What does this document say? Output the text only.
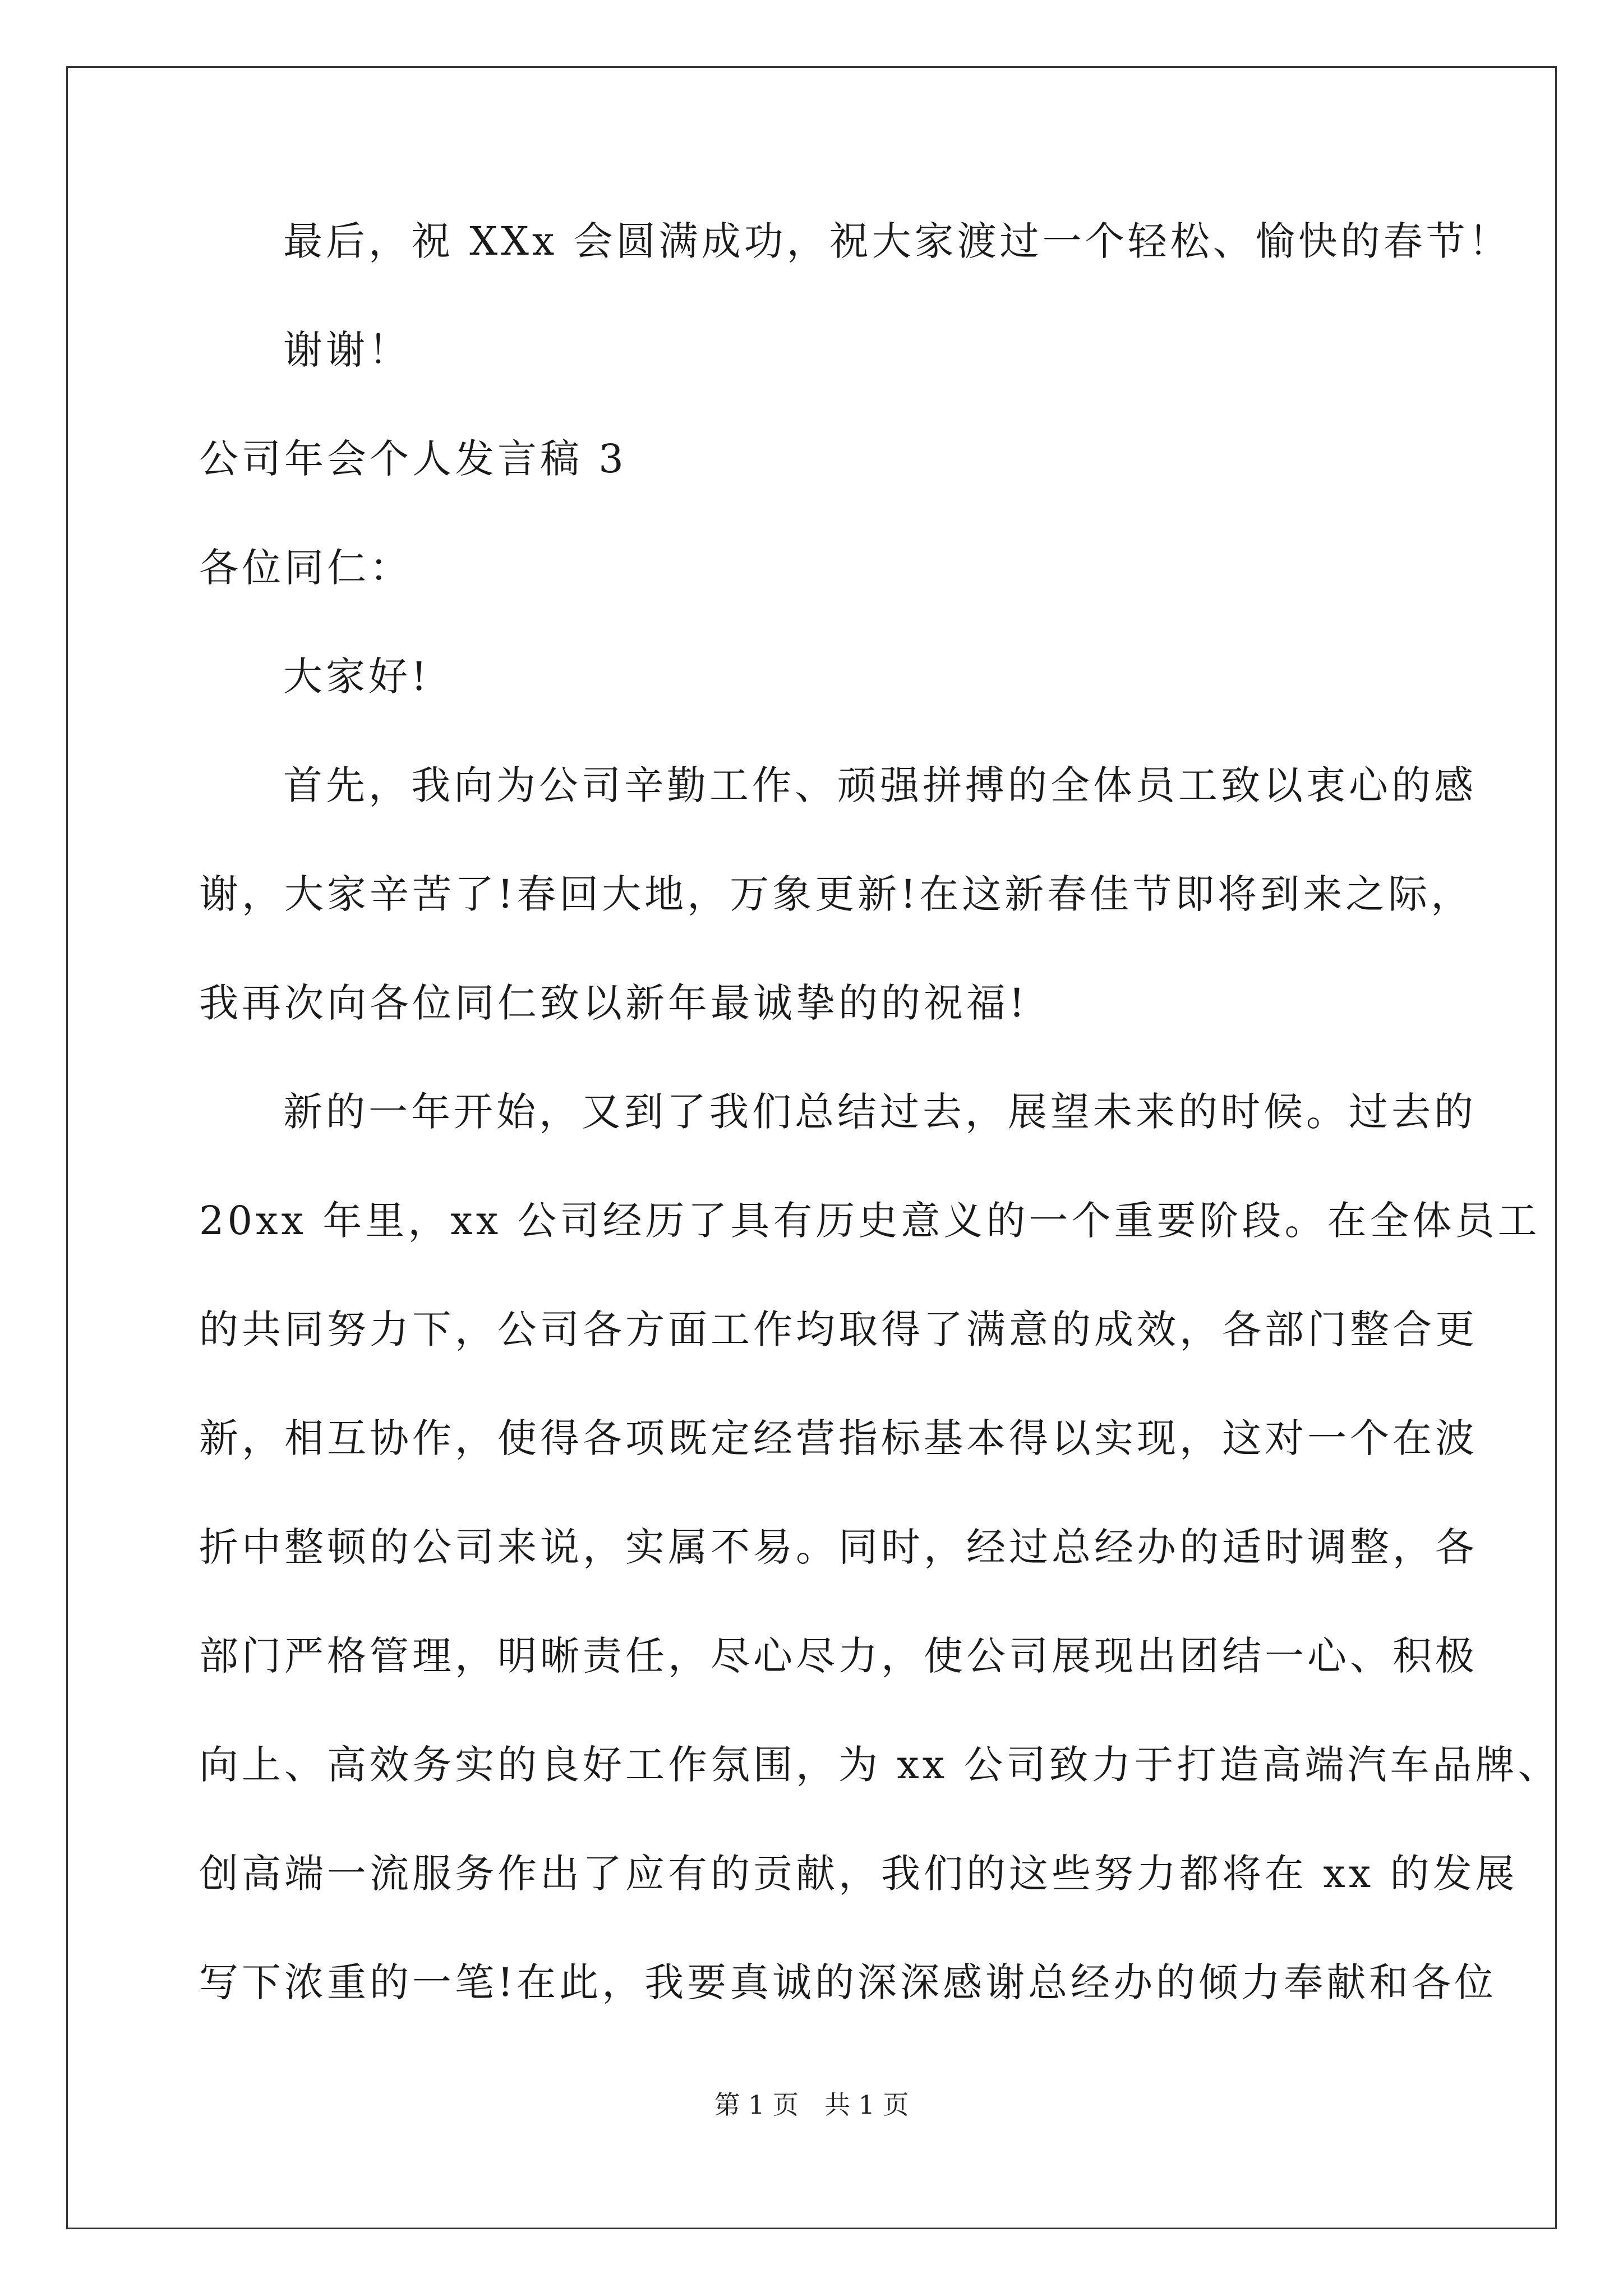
最后，祝 XXx 会圆满成功，祝大家渡过一个轻松、愉快的春节！
谢谢！
公司年会个人发言稿 3
各位同仁：
大家好!
首先，我向为公司辛勤工作、顽强拼搏的全体员工致以衷心的感
谢，大家辛苦了!春回大地，万象更新!在这新春佳节即将到来之际，
我再次向各位同仁致以新年最诚挚的的祝福!
新的一年开始，又到了我们总结过去，展望未来的时候。过去的
20xx 年里，xx 公司经历了具有历史意义的一个重要阶段。在全体员工
的共同努力下，公司各方面工作均取得了满意的成效，各部门整合更
新，相互协作，使得各项既定经营指标基本得以实现，这对一个在波
折中整顿的公司来说，实属不易。同时，经过总经办的适时调整，各
部门严格管理，明晰责任，尽心尽力，使公司展现出团结一心、积极
向上、高效务实的良好工作氛围，为 xx 公司致力于打造高端汽车品牌、
创高端一流服务作出了应有的贡献，我们的这些努力都将在 xx 的发展
写下浓重的一笔!在此，我要真诚的深深感谢总经办的倾力奉献和各位
第 1 页　共 1 页
